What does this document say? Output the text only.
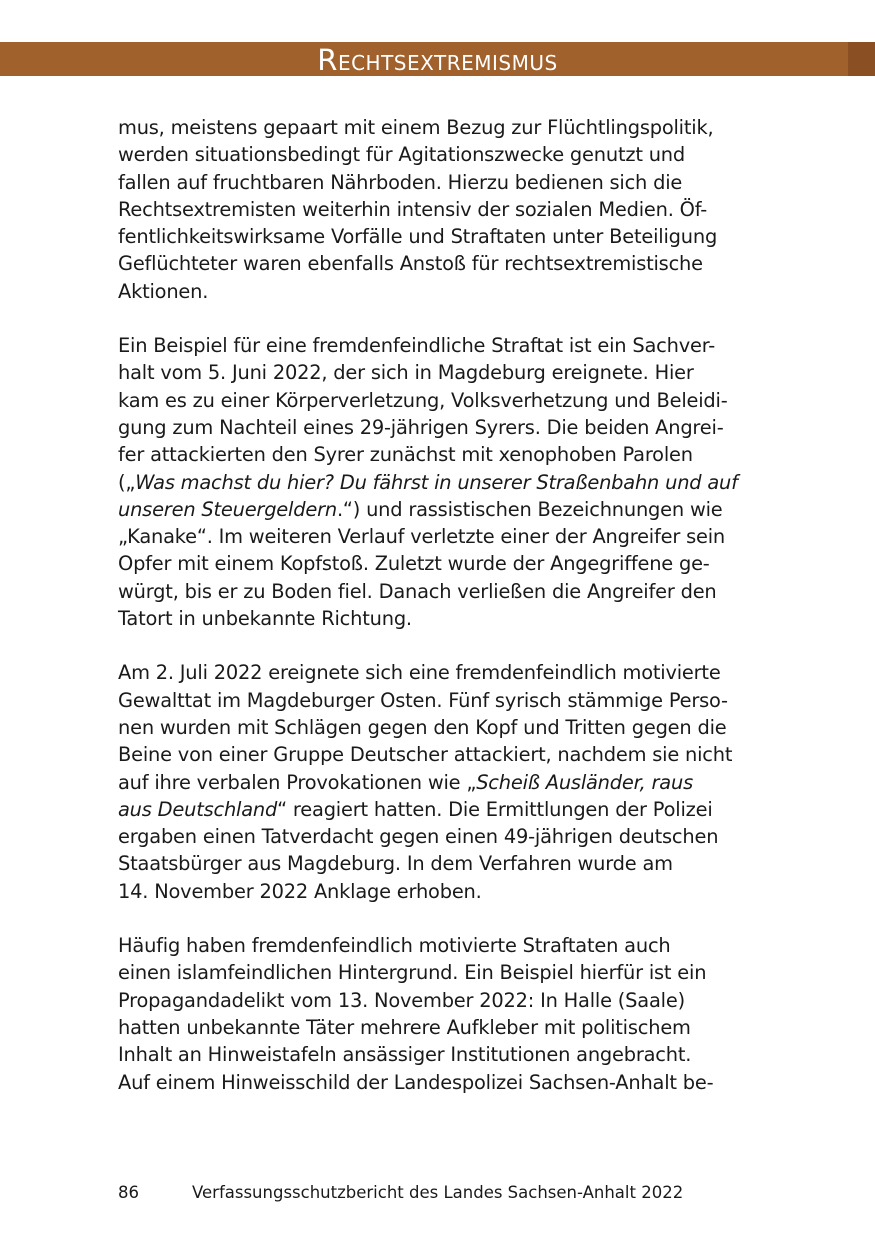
Rechtsextremismus
mus, meistens gepaart mit einem Bezug zur Flüchtlingspolitik,
werden situationsbedingt für Agitationszwecke genutzt und
fallen auf fruchtbaren Nährboden. Hierzu bedienen sich die
Rechtsextremisten weiterhin intensiv der sozialen Medien. Öf-
fentlichkeitswirksame Vorfälle und Straftaten unter Beteiligung
Geflüchteter waren ebenfalls Anstoß für rechtsextremistische
Aktionen.
Ein Beispiel für eine fremdenfeindliche Straftat ist ein Sachver-
halt vom 5. Juni 2022, der sich in Magdeburg ereignete. Hier
kam es zu einer Körperverletzung, Volksverhetzung und Beleidi-
gung zum Nachteil eines 29-jährigen Syrers. Die beiden Angrei-
fer attackierten den Syrer zunächst mit xenophoben Parolen
(„Was machst du hier? Du fährst in unserer Straßenbahn und auf
unseren Steuergeldern.“) und rassistischen Bezeichnungen wie
„Kanake“. Im weiteren Verlauf verletzte einer der Angreifer sein
Opfer mit einem Kopfstoß. Zuletzt wurde der Angegriffene ge-
würgt, bis er zu Boden fiel. Danach verließen die Angreifer den
Tatort in unbekannte Richtung.
Am 2. Juli 2022 ereignete sich eine fremdenfeindlich motivierte
Gewalttat im Magdeburger Osten. Fünf syrisch stämmige Perso-
nen wurden mit Schlägen gegen den Kopf und Tritten gegen die
Beine von einer Gruppe Deutscher attackiert, nachdem sie nicht
auf ihre verbalen Provokationen wie „Scheiß Ausländer, raus
aus Deutschland“ reagiert hatten. Die Ermittlungen der Polizei
ergaben einen Tatverdacht gegen einen 49-jährigen deutschen
Staatsbürger aus Magdeburg. In dem Verfahren wurde am
14. November 2022 Anklage erhoben.
Häufig haben fremdenfeindlich motivierte Straftaten auch
einen islamfeindlichen Hintergrund. Ein Beispiel hierfür ist ein
Propagandadelikt vom 13. November 2022: In Halle (Saale)
hatten unbekannte Täter mehrere Aufkleber mit politischem
Inhalt an Hinweistafeln ansässiger Institutionen angebracht.
Auf einem Hinweisschild der Landespolizei Sachsen-Anhalt be-
86	Verfassungsschutzbericht des Landes Sachsen-Anhalt 2022
